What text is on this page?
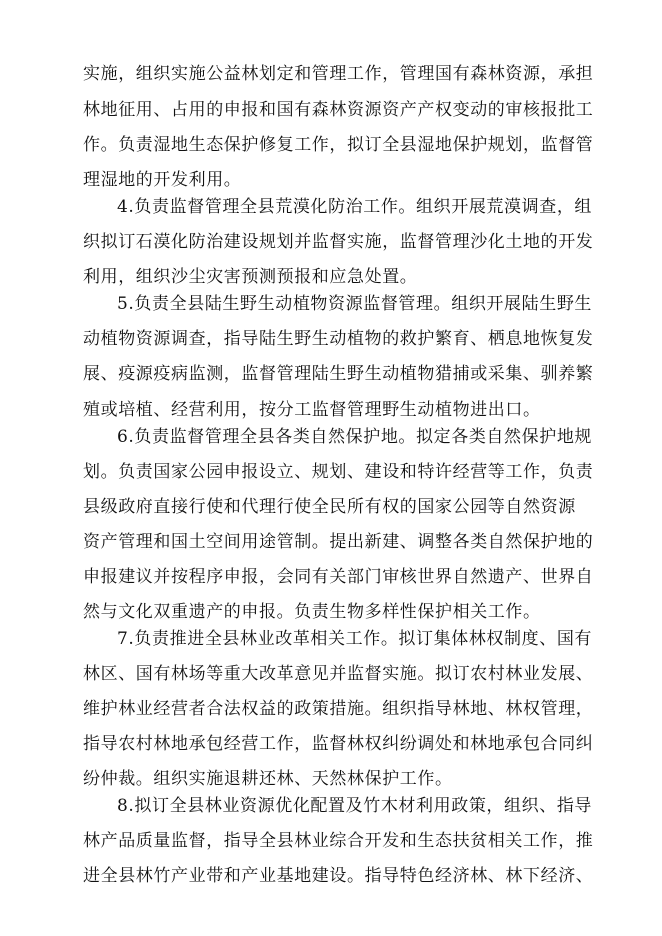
实施，组织实施公益林划定和管理工作，管理国有森林资源，承担
林地征用、占用的申报和国有森林资源资产产权变动的审核报批工
作。负责湿地生态保护修复工作，拟订全县湿地保护规划，监督管
理湿地的开发利用。
4.负责监督管理全县荒漠化防治工作。组织开展荒漠调查，组
织拟订石漠化防治建设规划并监督实施，监督管理沙化土地的开发
利用，组织沙尘灾害预测预报和应急处置。
5.负责全县陆生野生动植物资源监督管理。组织开展陆生野生
动植物资源调查，指导陆生野生动植物的救护繁育、栖息地恢复发
展、疫源疫病监测，监督管理陆生野生动植物猎捕或采集、驯养繁
殖或培植、经营利用，按分工监督管理野生动植物进出口。
6.负责监督管理全县各类自然保护地。拟定各类自然保护地规
划。负责国家公园申报设立、规划、建设和特许经营等工作，负责
县级政府直接行使和代理行使全民所有权的国家公园等自然资源
资产管理和国土空间用途管制。提出新建、调整各类自然保护地的
申报建议并按程序申报，会同有关部门审核世界自然遗产、世界自
然与文化双重遗产的申报。负责生物多样性保护相关工作。
7.负责推进全县林业改革相关工作。拟订集体林权制度、国有
林区、国有林场等重大改革意见并监督实施。拟订农村林业发展、
维护林业经营者合法权益的政策措施。组织指导林地、林权管理，
指导农村林地承包经营工作，监督林权纠纷调处和林地承包合同纠
纷仲裁。组织实施退耕还林、天然林保护工作。
8.拟订全县林业资源优化配置及竹木材利用政策，组织、指导
林产品质量监督，指导全县林业综合开发和生态扶贫相关工作，推
进全县林竹产业带和产业基地建设。指导特色经济林、林下经济、
